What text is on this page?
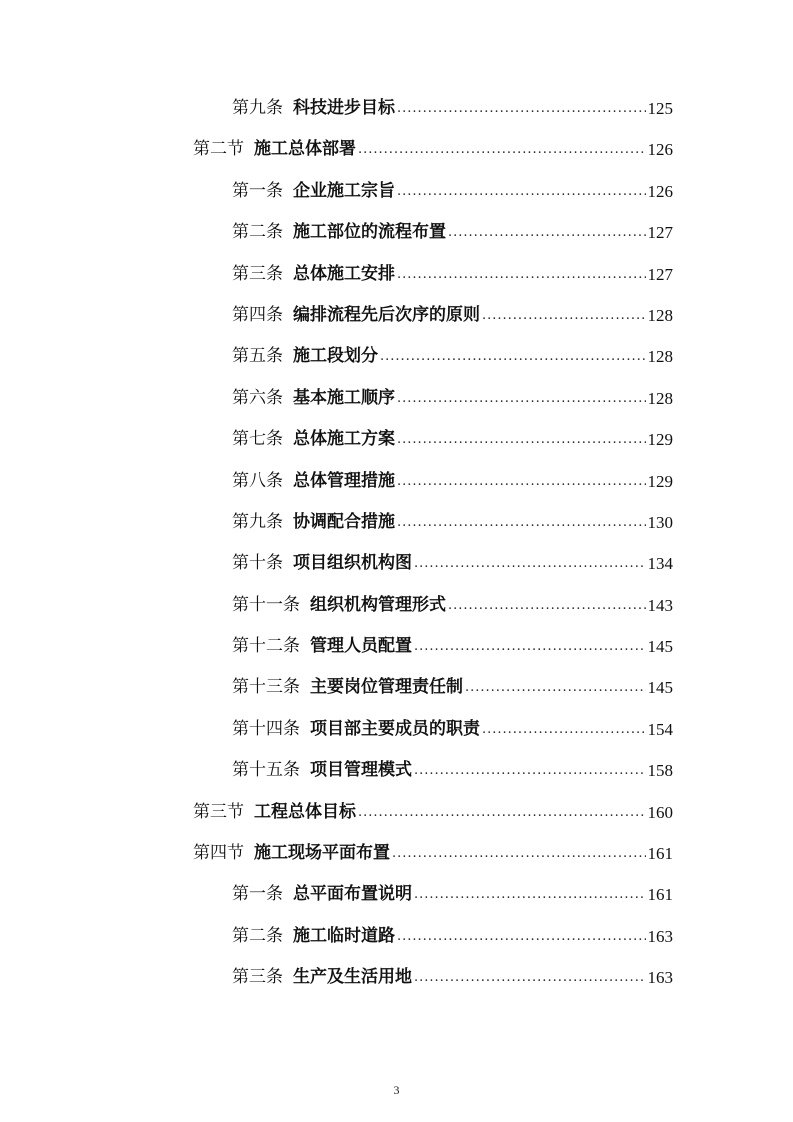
第九条 科技进步目标 .....	125
第二节 施工总体部署 .....	126
第一条 企业施工宗旨 .....	126
第二条 施工部位的流程布置 .....	127
第三条 总体施工安排 .....	127
第四条 编排流程先后次序的原则 .....	128
第五条 施工段划分 .....	128
第六条 基本施工顺序 .....	128
第七条 总体施工方案 .....	129
第八条 总体管理措施 .....	129
第九条 协调配合措施 .....	130
第十条 项目组织机构图 .....	134
第十一条 组织机构管理形式 .....	143
第十二条 管理人员配置 .....	145
第十三条 主要岗位管理责任制 .....	145
第十四条 项目部主要成员的职责 .....	154
第十五条 项目管理模式 .....	158
第三节 工程总体目标 .....	160
第四节 施工现场平面布置 .....	161
第一条 总平面布置说明 .....	161
第二条 施工临时道路 .....	163
第三条 生产及生活用地 .....	163
3
